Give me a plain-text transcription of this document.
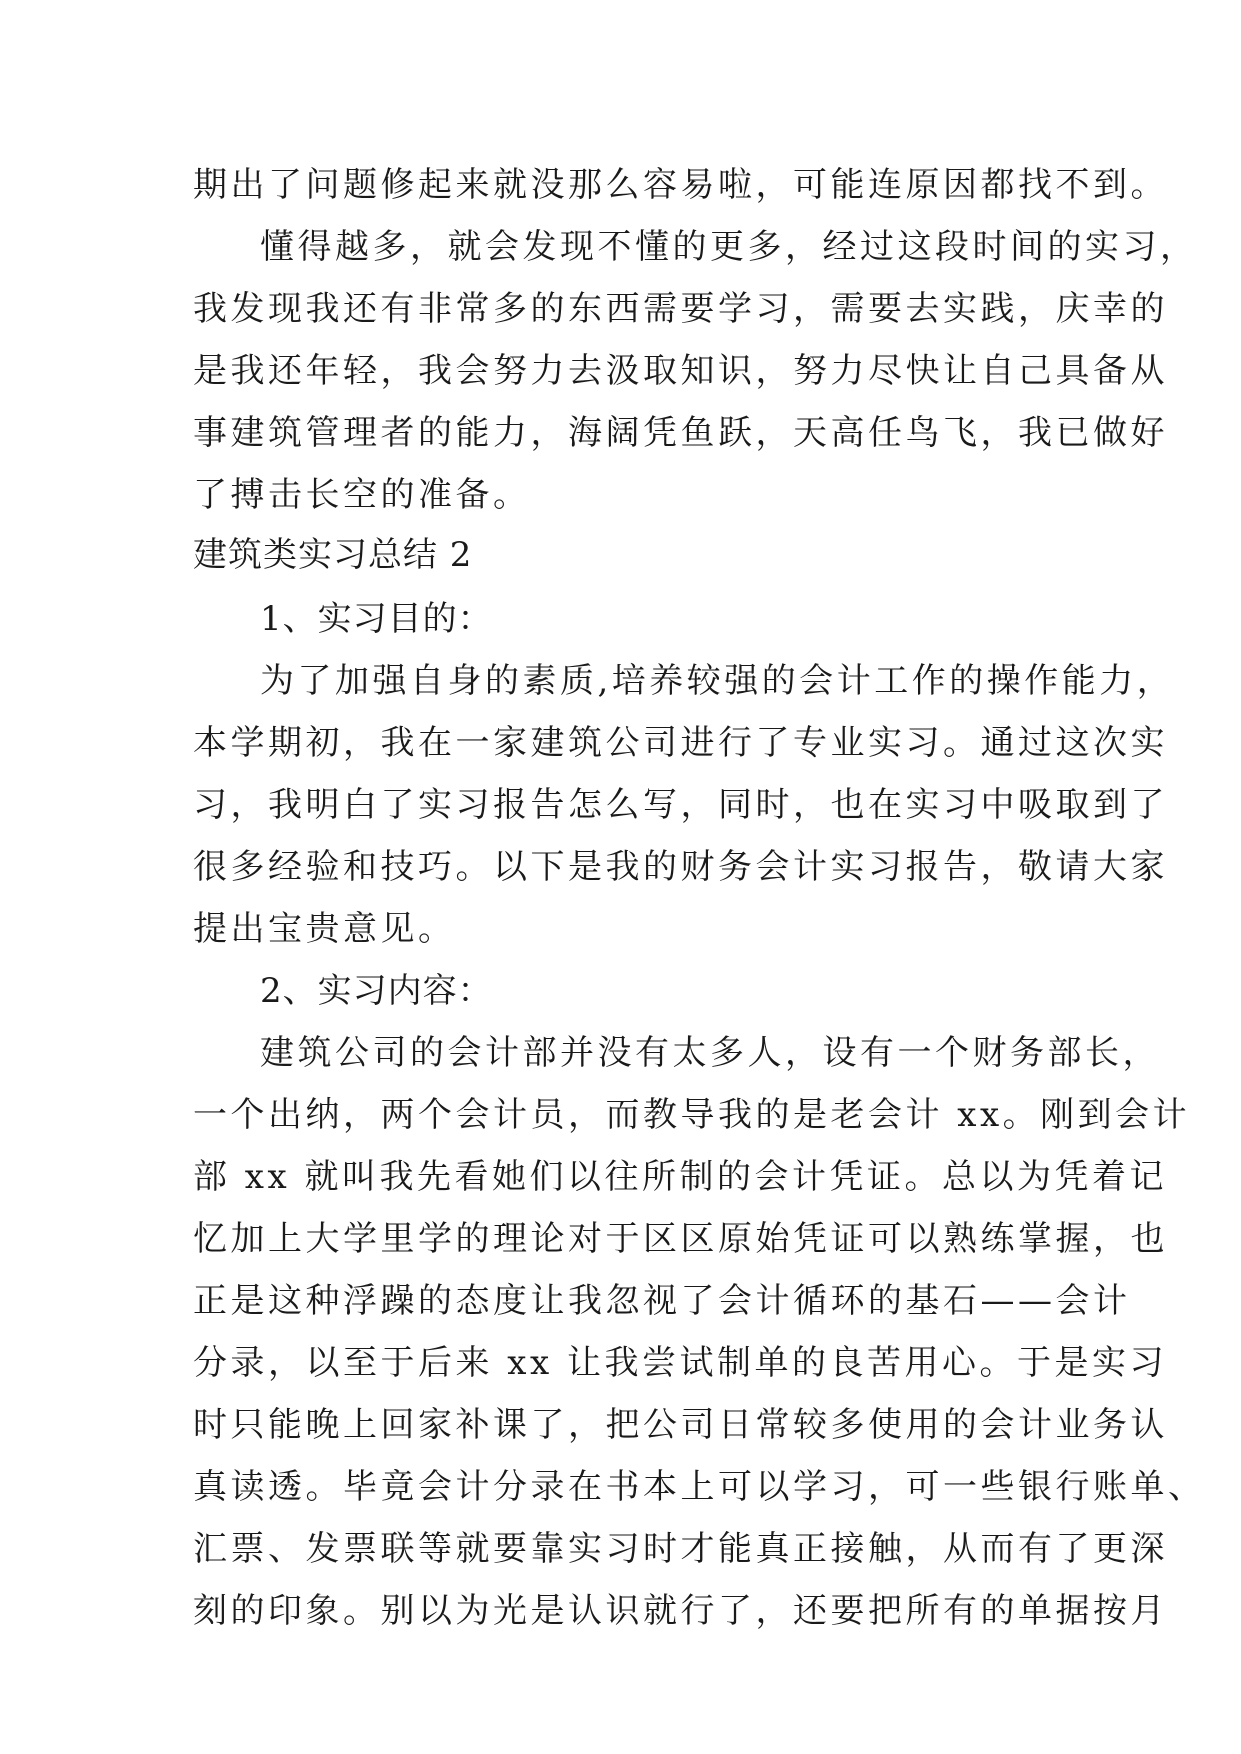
期出了问题修起来就没那么容易啦，可能连原因都找不到。
懂得越多，就会发现不懂的更多，经过这段时间的实习，
我发现我还有非常多的东西需要学习，需要去实践，庆幸的
是我还年轻，我会努力去汲取知识，努力尽快让自己具备从
事建筑管理者的能力，海阔凭鱼跃，天高任鸟飞，我已做好
了搏击长空的准备。
建筑类实习总结 2
1、实习目的：
为了加强自身的素质,培养较强的会计工作的操作能力，
本学期初，我在一家建筑公司进行了专业实习。通过这次实
习，我明白了实习报告怎么写，同时，也在实习中吸取到了
很多经验和技巧。以下是我的财务会计实习报告，敬请大家
提出宝贵意见。
2、实习内容：
建筑公司的会计部并没有太多人，设有一个财务部长，
一个出纳，两个会计员，而教导我的是老会计 xx。刚到会计
部 xx 就叫我先看她们以往所制的会计凭证。总以为凭着记
忆加上大学里学的理论对于区区原始凭证可以熟练掌握，也
正是这种浮躁的态度让我忽视了会计循环的基石——会计
分录，以至于后来 xx 让我尝试制单的良苦用心。于是实习
时只能晚上回家补课了，把公司日常较多使用的会计业务认
真读透。毕竟会计分录在书本上可以学习，可一些银行账单、
汇票、发票联等就要靠实习时才能真正接触，从而有了更深
刻的印象。别以为光是认识就行了，还要把所有的单据按月
